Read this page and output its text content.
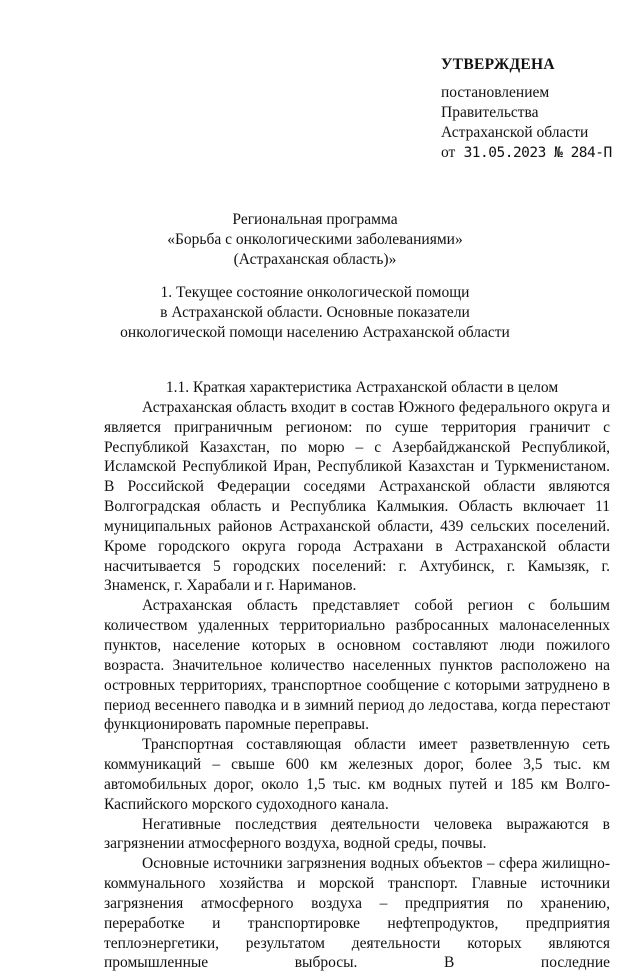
УТВЕРЖДЕНА
постановлением
Правительства
Астраханской области
от 31.05.2023 № 284-П
Региональная программа
«Борьба с онкологическими заболеваниями»
(Астраханская область)»
1. Текущее состояние онкологической помощи
в Астраханской области. Основные показатели
онкологической помощи населению Астраханской области
1.1. Краткая характеристика Астраханской области в целом

Астраханская область входит в состав Южного федерального округа и является приграничным регионом: по суше территория граничит с Республикой Казахстан, по морю – с Азербайджанской Республикой, Исламской Республикой Иран, Республикой Казахстан и Туркменистаном. В Российской Федерации соседями Астраханской области являются Волгоградская область и Республика Калмыкия. Область включает 11 муниципальных районов Астраханской области, 439 сельских поселений. Кроме городского округа города Астрахани в Астраханской области насчитывается 5 городских поселений: г. Ахтубинск, г. Камызяк, г. Знаменск, г. Харабали и г. Нариманов.

Астраханская область представляет собой регион с большим количеством удаленных территориально разбросанных малонаселенных пунктов, население которых в основном составляют люди пожилого возраста. Значительное количество населенных пунктов расположено на островных территориях, транспортное сообщение с которыми затруднено в период весеннего паводка и в зимний период до ледостава, когда перестают функционировать паромные переправы.

Транспортная составляющая области имеет разветвленную сеть коммуникаций – свыше 600 км железных дорог, более 3,5 тыс. км автомобильных дорог, около 1,5 тыс. км водных путей и 185 км Волго-Каспийского морского судоходного канала.

Негативные последствия деятельности человека выражаются в загрязнении атмосферного воздуха, водной среды, почвы.

Основные источники загрязнения водных объектов – сфера жилищно-коммунального хозяйства и морской транспорт. Главные источники загрязнения атмосферного воздуха – предприятия по хранению, переработке и транспортировке нефтепродуктов, предприятия теплоэнергетики, результатом деятельности которых являются промышленные выбросы. В последние
